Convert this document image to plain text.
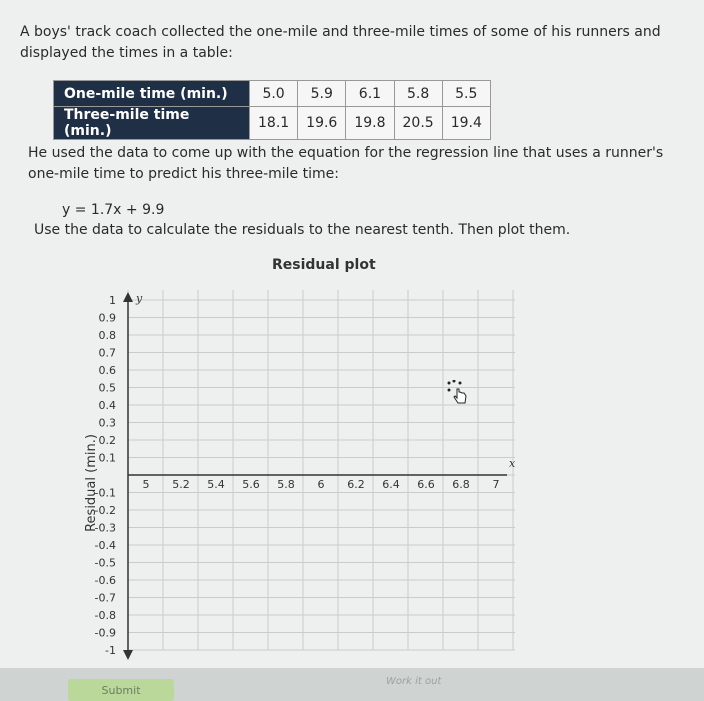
A boys' track coach collected the one-mile and three-mile times of some of his runners and displayed the times in a table:
One-mile time (min.)	5.0	5.9	6.1	5.8	5.5
Three-mile time (min.)	18.1	19.6	19.8	20.5	19.4
He used the data to come up with the equation for the regression line that uses a runner's one-mile time to predict his three-mile time:
y = 1.7x + 9.9
Use the data to calculate the residuals to the nearest tenth. Then plot them.
Residual plot
1
0.9
0.8
0.7
0.6
0.5
0.4
0.3
0.2
0.1
-0.1
-0.2
-0.3
-0.4
-0.5
-0.6
-0.7
-0.8
-0.9
-1
5 5.2 5.4 5.6 5.8 6 6.2 6.4 6.6 6.8 7
y
x
Residual (min.)
Submit
Work it out
